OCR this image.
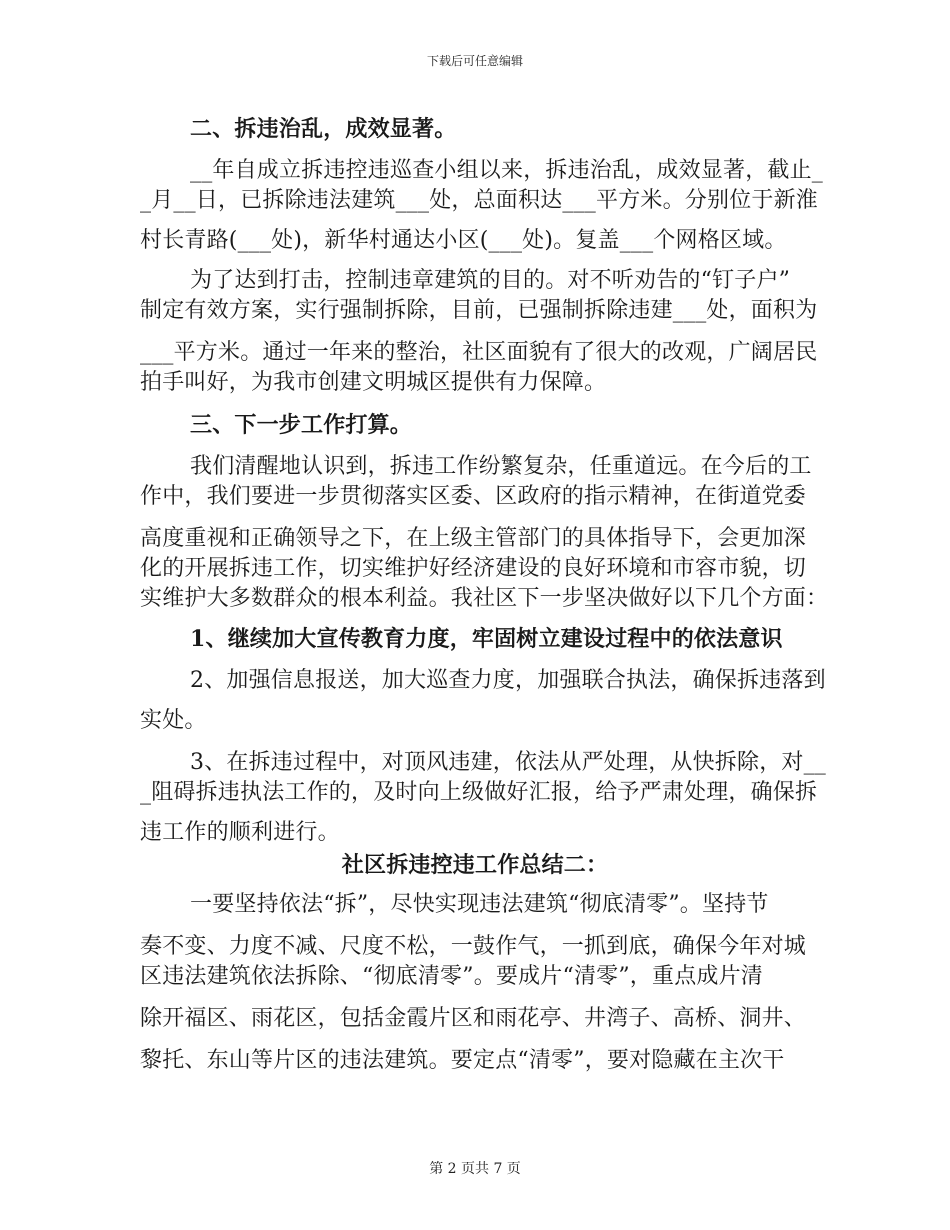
下载后可任意编辑
二、拆违治乱，成效显著。
__年自成立拆违控违巡查小组以来，拆违治乱，成效显著，截止_
_月__日，已拆除违法建筑___处，总面积达___平方米。分别位于新淮
村长青路(___处)，新华村通达小区(___处)。复盖___个网格区域。
为了达到打击，控制违章建筑的目的。对不听劝告的“钉子户”
制定有效方案，实行强制拆除，目前，已强制拆除违建___处，面积为
___平方米。通过一年来的整治，社区面貌有了很大的改观，广阔居民
拍手叫好，为我市创建文明城区提供有力保障。
三、下一步工作打算。
我们清醒地认识到，拆违工作纷繁复杂，任重道远。在今后的工
作中，我们要进一步贯彻落实区委、区政府的指示精神，在街道党委
高度重视和正确领导之下，在上级主管部门的具体指导下，会更加深
化的开展拆违工作，切实维护好经济建设的良好环境和市容市貌，切
实维护大多数群众的根本利益。我社区下一步坚决做好以下几个方面：
1、继续加大宣传教育力度，牢固树立建设过程中的依法意识
2、加强信息报送，加大巡查力度，加强联合执法，确保拆违落到
实处。
3、在拆违过程中，对顶风违建，依法从严处理，从快拆除，对__
_阻碍拆违执法工作的，及时向上级做好汇报，给予严肃处理，确保拆
违工作的顺利进行。
社区拆违控违工作总结二：
一要坚持依法“拆”，尽快实现违法建筑“彻底清零”。坚持节
奏不变、力度不减、尺度不松，一鼓作气，一抓到底，确保今年对城
区违法建筑依法拆除、“彻底清零”。要成片“清零”，重点成片清
除开福区、雨花区，包括金霞片区和雨花亭、井湾子、高桥、洞井、
黎托、东山等片区的违法建筑。要定点“清零”，要对隐藏在主次干
第 2 页共 7 页
